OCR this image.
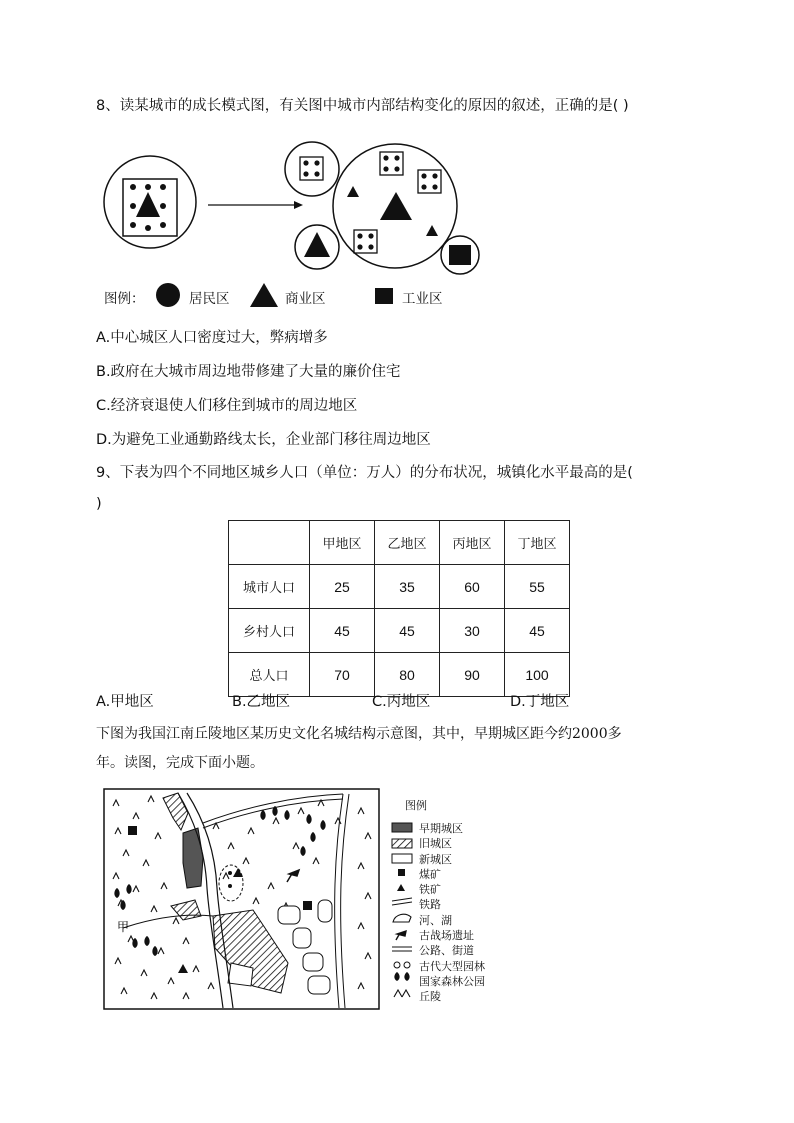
8、读某城市的成长模式图，有关图中城市内部结构变化的原因的叙述，正确的是( )
图例：	居民区	商业区	工业区
A.中心城区人口密度过大，弊病增多
B.政府在大城市周边地带修建了大量的廉价住宅
C.经济衰退使人们移住到城市的周边地区
D.为避免工业通勤路线太长，企业部门移往周边地区
9、下表为四个不同地区城乡人口（单位：万人）的分布状况，城镇化水平最高的是(
)
	甲地区	乙地区	丙地区	丁地区
城市人口	25	35	60	55
乡村人口	45	45	30	45
总人口	70	80	90	100
A.甲地区	B.乙地区	C.丙地区	D.丁地区
下图为我国江南丘陵地区某历史文化名城结构示意图，其中，早期城区距今约2000多
年。读图，完成下面小题。
甲
图例
早期城区
旧城区
新城区
煤矿
铁矿
铁路
河、湖
古战场遗址
公路、街道
古代大型园林
国家森林公园
丘陵
